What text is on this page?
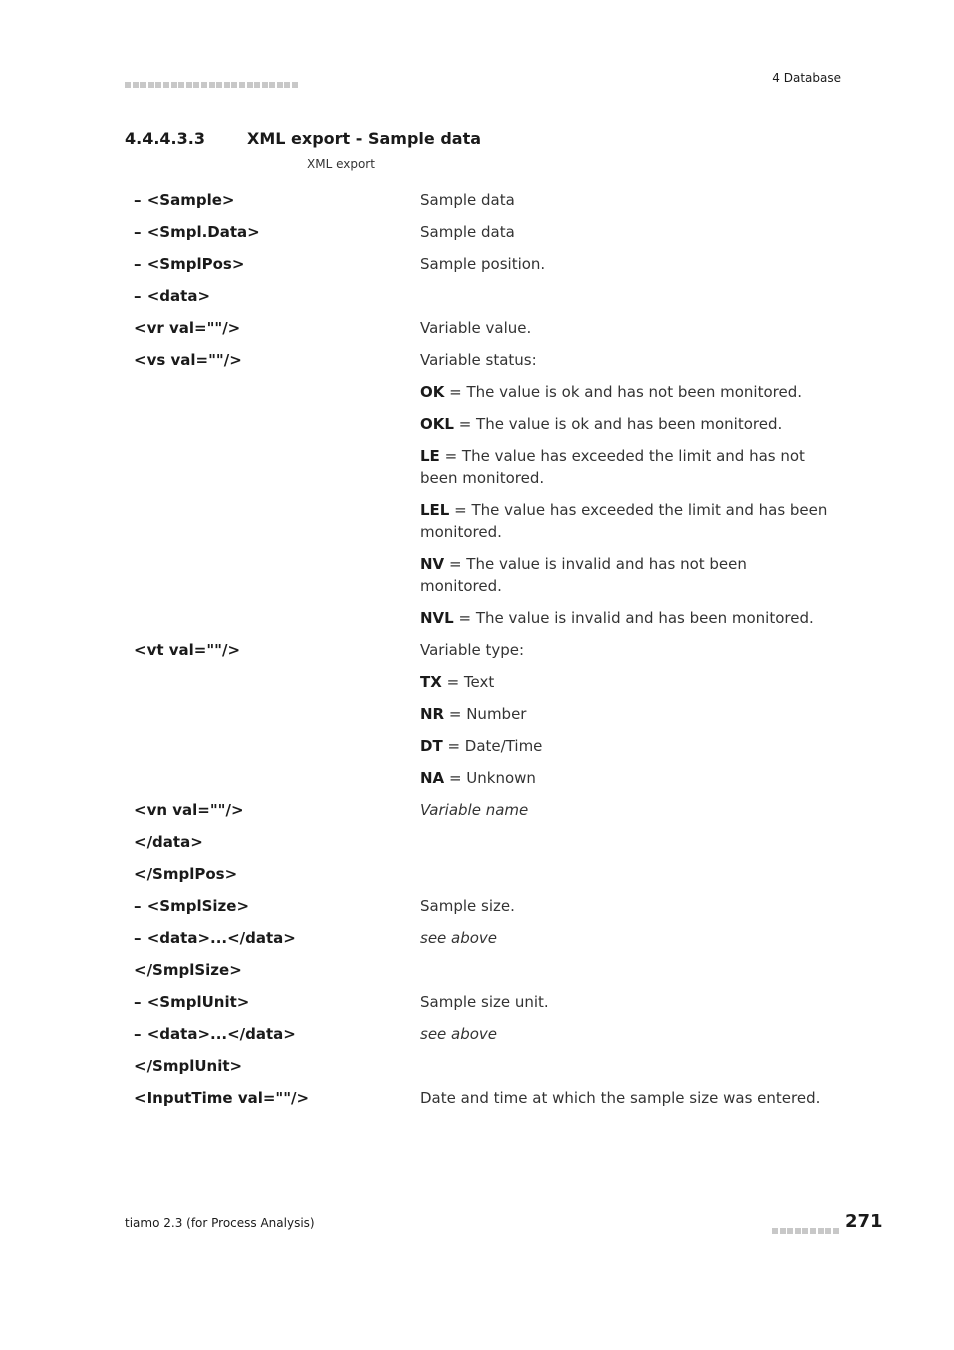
4 Database
4.4.4.3.3	XML export - Sample data
XML export
– <Sample>	Sample data
– <Smpl.Data>	Sample data
– <SmplPos>	Sample position.
– <data>	
<vr val=""/>	Variable value.
<vs val=""/>	Variable status:
	OK = The value is ok and has not been monitored.
	OKL = The value is ok and has been monitored.
	LE = The value has exceeded the limit and has not been monitored.
	LEL = The value has exceeded the limit and has been monitored.
	NV = The value is invalid and has not been monitored.
	NVL = The value is invalid and has been monitored.
<vt val=""/>	Variable type:
	TX = Text
	NR = Number
	DT = Date/Time
	NA = Unknown
<vn val=""/>	Variable name
</data>	
</SmplPos>	
– <SmplSize>	Sample size.
– <data>...</data>	see above
</SmplSize>	
– <SmplUnit>	Sample size unit.
– <data>...</data>	see above
</SmplUnit>	
<InputTime val=""/>	Date and time at which the sample size was entered.
tiamo 2.3 (for Process Analysis)	271
